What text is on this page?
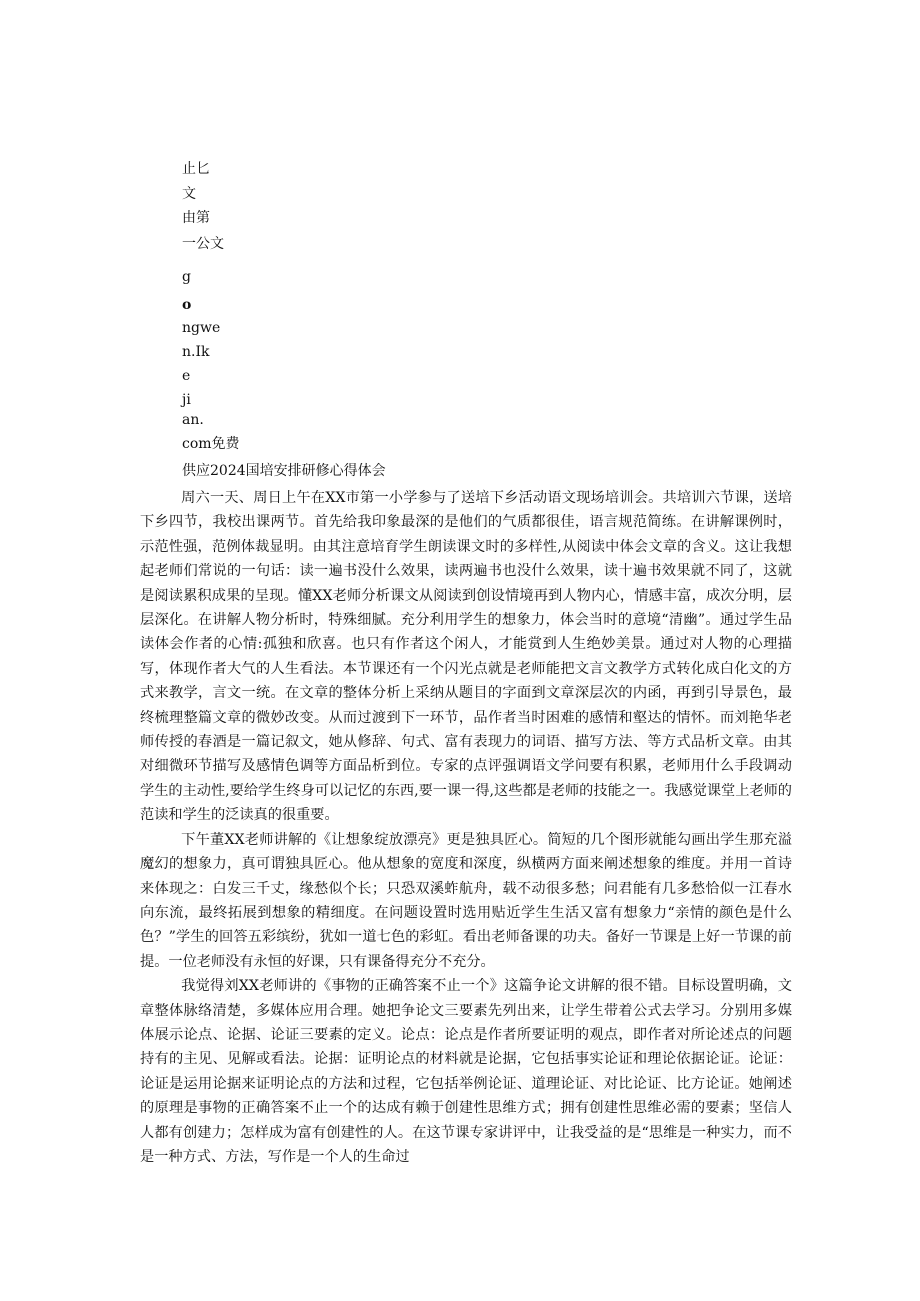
止匕
文
由第
一公文
g
o
ngwe
n.Ik
e
ji
an.
com免费
供应2024国培安排研修心得体会

周六一天、周日上午在XX市第一小学参与了送培下乡活动语文现场培训会。共培训六节课，送培下乡四节，我校出课两节。首先给我印象最深的是他们的气质都很佳，语言规范简练。在讲解课例时，示范性强，范例体裁显明。由其注意培育学生朗读课文时的多样性,从阅读中体会文章的含义。这让我想起老师们常说的一句话：读一遍书没什么效果，读两遍书也没什么效果，读十遍书效果就不同了，这就是阅读累积成果的呈现。懂XX老师分析课文从阅读到创设情境再到人物内心，情感丰富，成次分明，层层深化。在讲解人物分析时，特殊细腻。充分利用学生的想象力，体会当时的意境“清幽”。通过学生品读体会作者的心情:孤独和欣喜。也只有作者这个闲人，才能赏到人生绝妙美景。通过对人物的心理描写，体现作者大气的人生看法。本节课还有一个闪光点就是老师能把文言文教学方式转化成白化文的方式来教学，言文一统。在文章的整体分析上采纳从题目的字面到文章深层次的内函，再到引导景色，最终梳理整篇文章的微妙改变。从而过渡到下一环节，品作者当时困难的感情和壑达的情怀。而刘艳华老师传授的春酒是一篇记叙文，她从修辞、句式、富有表现力的词语、描写方法、等方式品析文章。由其对细微环节描写及感情色调等方面品析到位。专家的点评强调语文学问要有积累，老师用什么手段调动学生的主动性,要给学生终身可以记忆的东西,要一课一得,这些都是老师的技能之一。我感觉课堂上老师的范读和学生的泛读真的很重要。

下午董XX老师讲解的《让想象绽放漂亮》更是独具匠心。简短的几个图形就能勾画出学生那充溢魔幻的想象力，真可谓独具匠心。他从想象的宽度和深度，纵横两方面来阐述想象的维度。并用一首诗来体现之：白发三千丈，缘愁似个长；只恐双溪蚱航舟，载不动很多愁；问君能有几多愁恰似一江春水向东流，最终拓展到想象的精细度。在问题设置时选用贴近学生生活又富有想象力“亲情的颜色是什么色？”学生的回答五彩缤纷，犹如一道七色的彩虹。看出老师备课的功夫。备好一节课是上好一节课的前提。一位老师没有永恒的好课，只有课备得充分不充分。

我觉得刘XX老师讲的《事物的正确答案不止一个》这篇争论文讲解的很不错。目标设置明确，文章整体脉络清楚，多媒体应用合理。她把争论文三要素先列出来，让学生带着公式去学习。分别用多媒体展示论点、论据、论证三要素的定义。论点：论点是作者所要证明的观点，即作者对所论述点的问题持有的主见、见解或看法。论据：证明论点的材料就是论据，它包括事实论证和理论依据论证。论证：论证是运用论据来证明论点的方法和过程，它包括举例论证、道理论证、对比论证、比方论证。她阐述的原理是事物的正确答案不止一个的达成有赖于创建性思维方式；拥有创建性思维必需的要素；坚信人人都有创建力；怎样成为富有创建性的人。在这节课专家讲评中，让我受益的是“思维是一种实力，而不是一种方式、方法，写作是一个人的生命过
